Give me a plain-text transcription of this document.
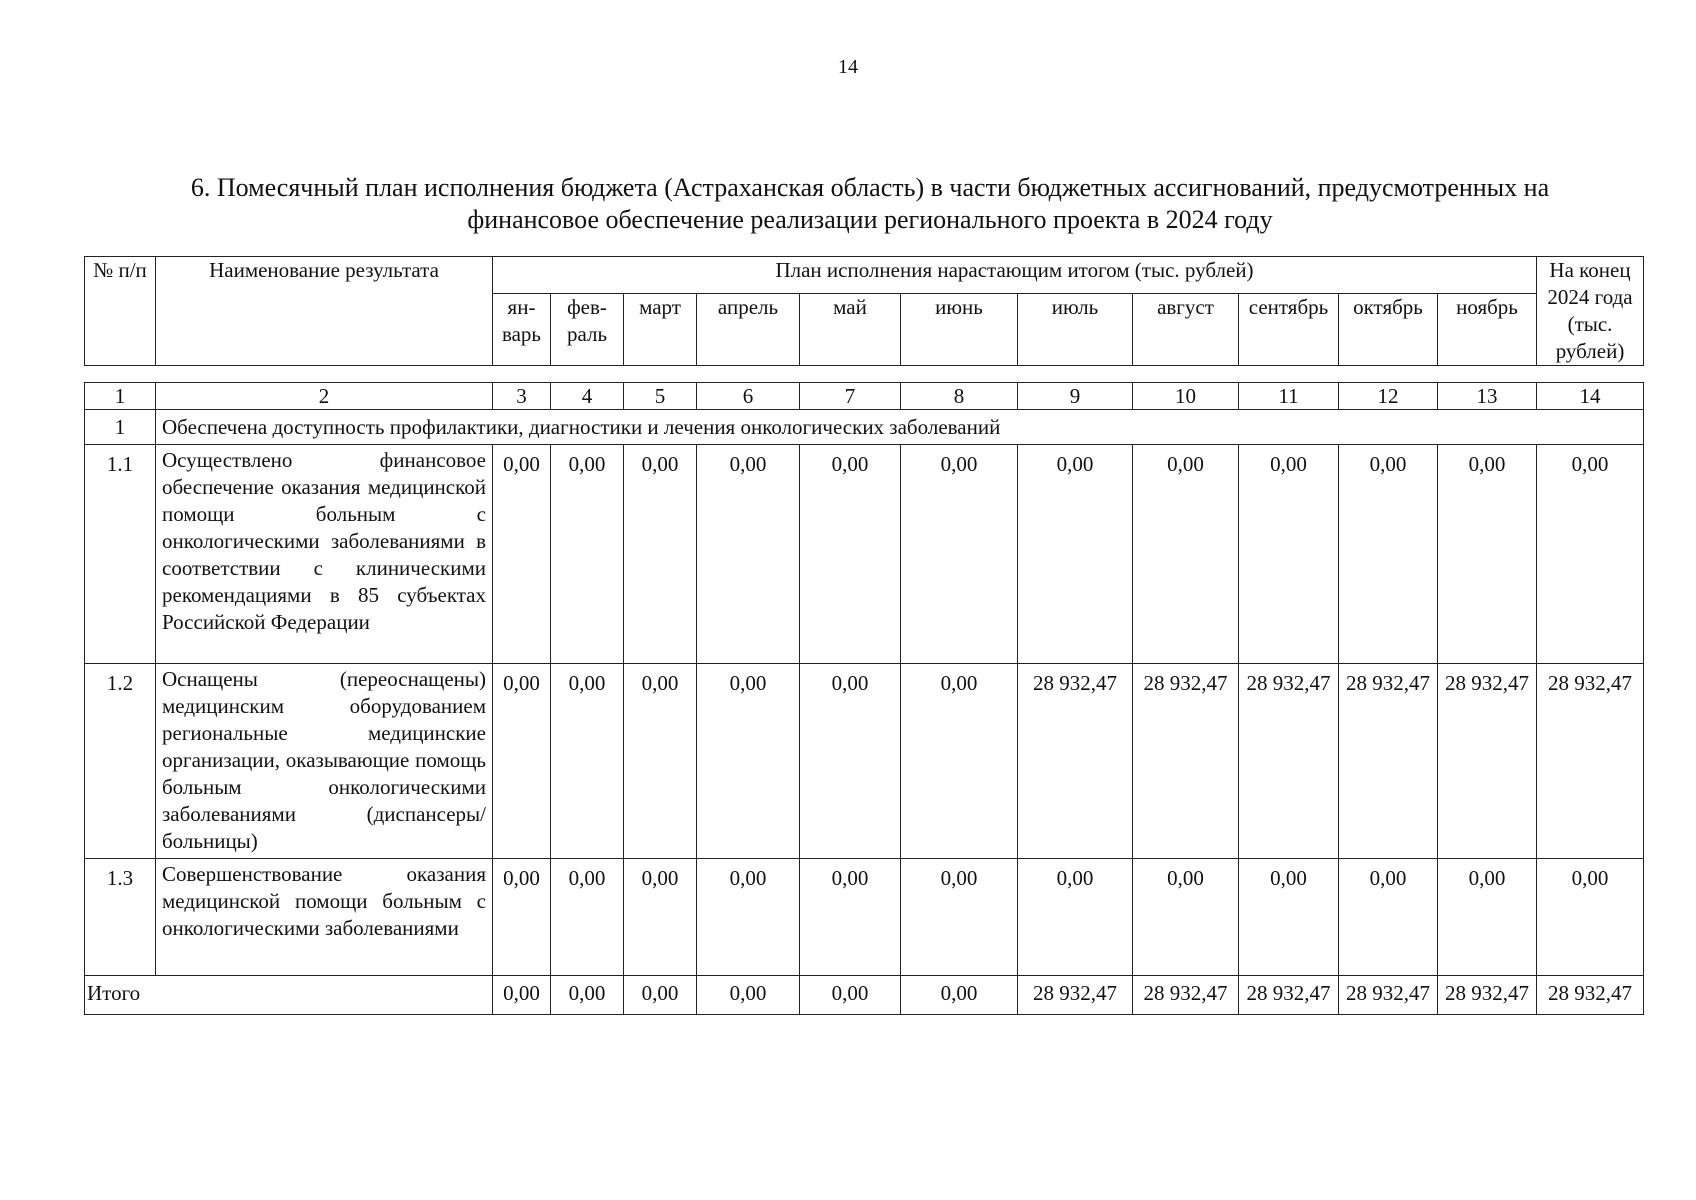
14
6. Помесячный план исполнения бюджета (Астраханская область) в части бюджетных ассигнований, предусмотренных на
финансовое обеспечение реализации регионального проекта в 2024 году
№ п/п	Наименование результата	План исполнения нарастающим итогом (тыс. рублей)											На конец 2024 года (тыс. рублей)
		ян-варь	фев-раль	март	апрель	май	июнь	июль	август	сентябрь	октябрь	ноябрь	
1	2	3	4	5	6	7	8	9	10	11	12	13	14
1	Обеспечена доступность профилактики, диагностики и лечения онкологических заболеваний												
1.1	Осуществлено финансовое обеспечение оказания медицинской помощи больным с онкологическими заболеваниями в соответствии с клиническими рекомендациями в 85 субъектах Российской Федерации	0,00	0,00	0,00	0,00	0,00	0,00	0,00	0,00	0,00	0,00	0,00	0,00
1.2	Оснащены (переоснащены) медицинским оборудованием региональные медицинские организации, оказывающие помощь больным онкологическими заболеваниями (диспансеры/больницы)	0,00	0,00	0,00	0,00	0,00	0,00	28 932,47	28 932,47	28 932,47	28 932,47	28 932,47	28 932,47
1.3	Совершенствование оказания медицинской помощи больным с онкологическими заболеваниями	0,00	0,00	0,00	0,00	0,00	0,00	0,00	0,00	0,00	0,00	0,00	0,00
Итого		0,00	0,00	0,00	0,00	0,00	0,00	28 932,47	28 932,47	28 932,47	28 932,47	28 932,47	28 932,47
